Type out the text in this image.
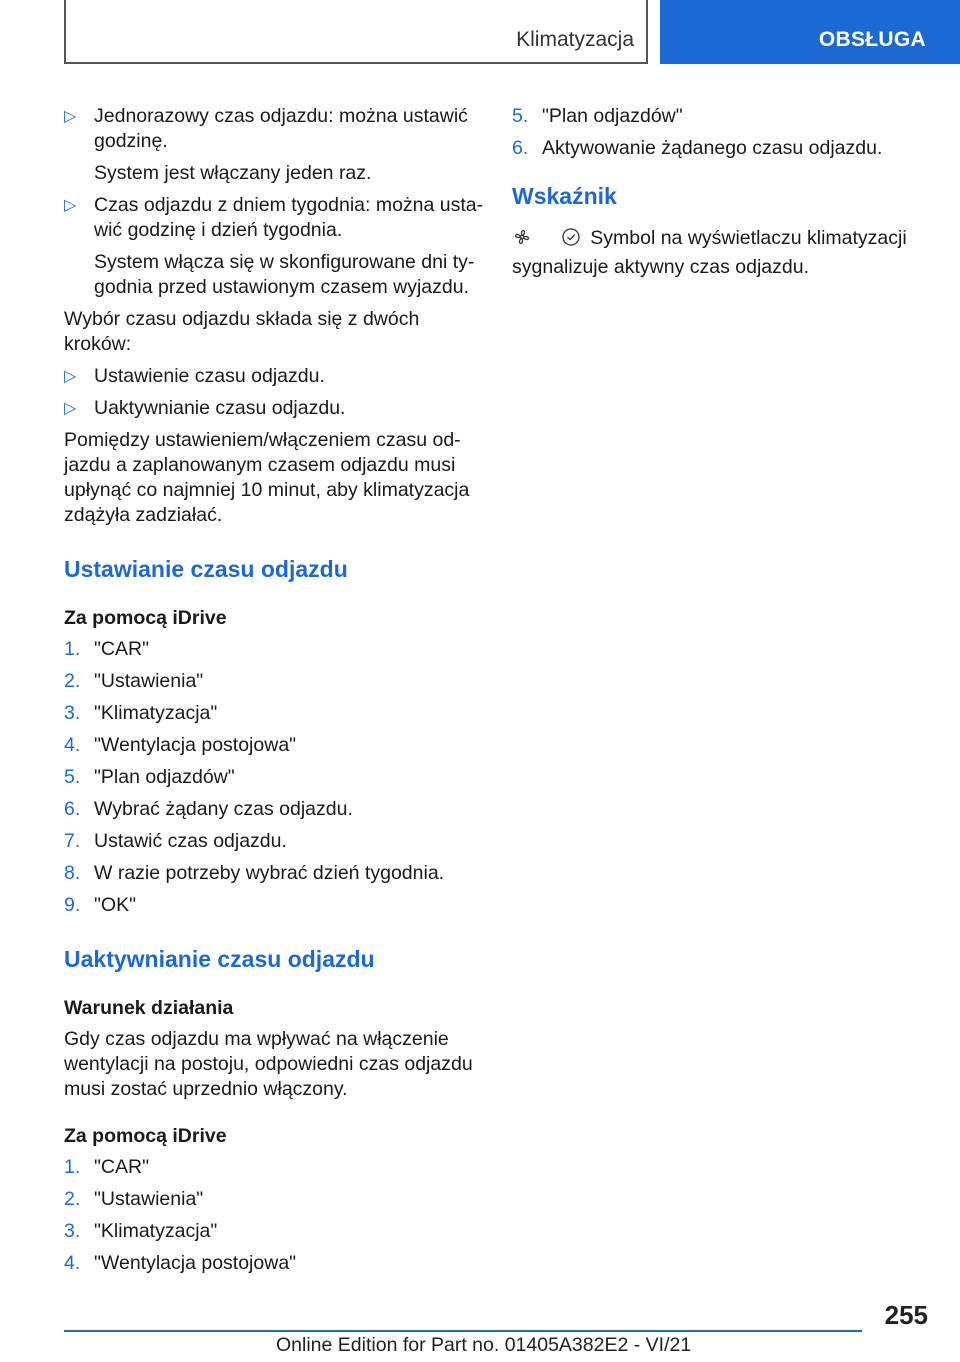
Klimatyzacja	OBSŁUGA
▷ Jednorazowy czas odjazdu: można ustawić godzinę.
System jest włączany jeden raz.
▷ Czas odjazdu z dniem tygodnia: można usta-wić godzinę i dzień tygodnia.
System włącza się w skonfigurowane dni ty-godnia przed ustawionym czasem wyjazdu.
Wybór czasu odjazdu składa się z dwóch kroków:
▷ Ustawienie czasu odjazdu.
▷ Uaktywnianie czasu odjazdu.
Pomiędzy ustawieniem/włączeniem czasu od-jazdu a zaplanowanym czasem odjazdu musi upłynąć co najmniej 10 minut, aby klimatyzacja zdążyła zadziałać.
Ustawianie czasu odjazdu
Za pomocą iDrive
1. "CAR"
2. "Ustawienia"
3. "Klimatyzacja"
4. "Wentylacja postojowa"
5. "Plan odjazdów"
6. Wybrać żądany czas odjazdu.
7. Ustawić czas odjazdu.
8. W razie potrzeby wybrać dzień tygodnia.
9. "OK"
Uaktywnianie czasu odjazdu
Warunek działania
Gdy czas odjazdu ma wpływać na włączenie wentylacji na postoju, odpowiedni czas odjazdu musi zostać uprzednio włączony.
Za pomocą iDrive
1. "CAR"
2. "Ustawienia"
3. "Klimatyzacja"
4. "Wentylacja postojowa"
5. "Plan odjazdów"
6. Aktywowanie żądanego czasu odjazdu.
Wskaźnik
Symbol na wyświetlaczu klimatyzacji sygnalizuje aktywny czas odjazdu.
255
Online Edition for Part no. 01405A382E2 - VI/21
